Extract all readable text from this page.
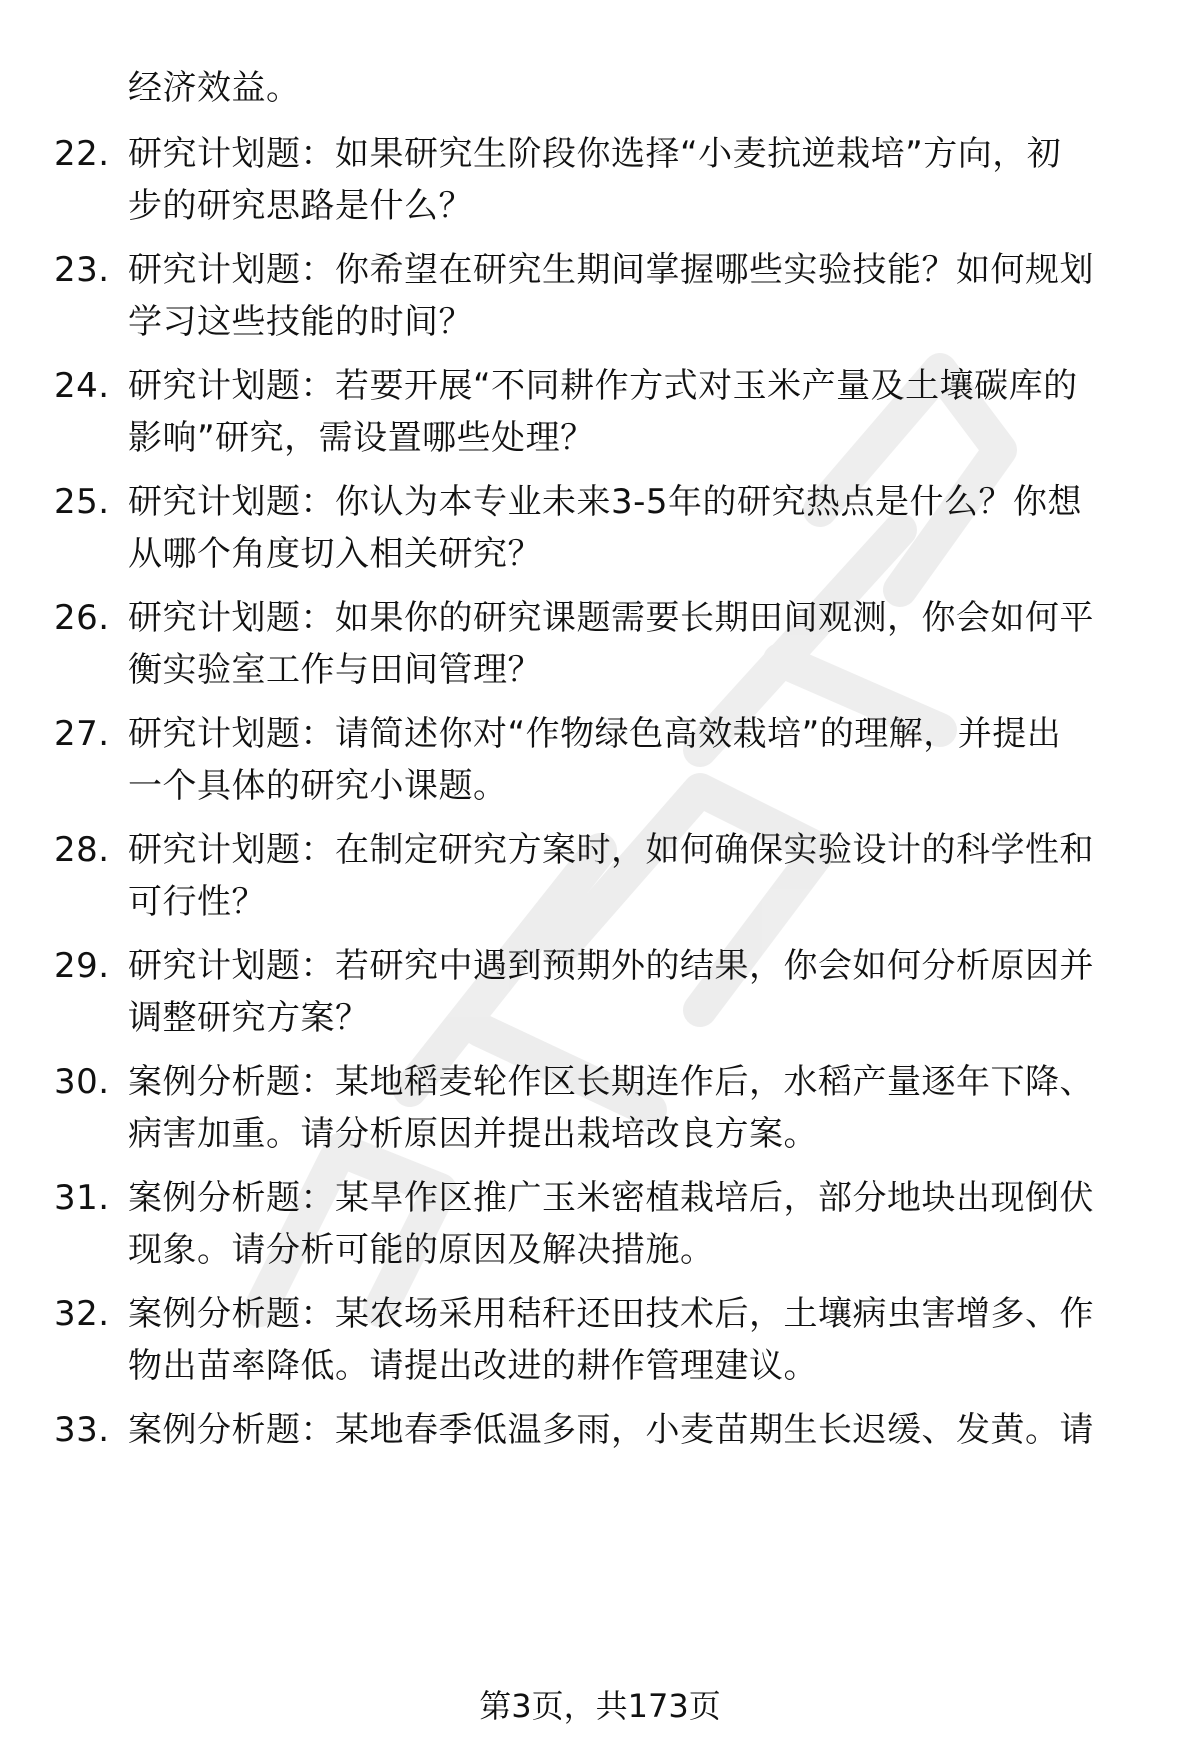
经济效益。
22. 研究计划题：如果研究生阶段你选择“小麦抗逆栽培”方向，初
步的研究思路是什么？
23. 研究计划题：你希望在研究生期间掌握哪些实验技能？如何规划
学习这些技能的时间？
24. 研究计划题：若要开展“不同耕作方式对玉米产量及土壤碳库的
影响”研究，需设置哪些处理？
25. 研究计划题：你认为本专业未来3-5年的研究热点是什么？你想
从哪个角度切入相关研究？
26. 研究计划题：如果你的研究课题需要长期田间观测，你会如何平
衡实验室工作与田间管理？
27. 研究计划题：请简述你对“作物绿色高效栽培”的理解，并提出
一个具体的研究小课题。
28. 研究计划题：在制定研究方案时，如何确保实验设计的科学性和
可行性？
29. 研究计划题：若研究中遇到预期外的结果，你会如何分析原因并
调整研究方案？
30. 案例分析题：某地稻麦轮作区长期连作后，水稻产量逐年下降、
病害加重。请分析原因并提出栽培改良方案。
31. 案例分析题：某旱作区推广玉米密植栽培后，部分地块出现倒伏
现象。请分析可能的原因及解决措施。
32. 案例分析题：某农场采用秸秆还田技术后，土壤病虫害增多、作
物出苗率降低。请提出改进的耕作管理建议。
33. 案例分析题：某地春季低温多雨，小麦苗期生长迟缓、发黄。请
第3页，共173页
